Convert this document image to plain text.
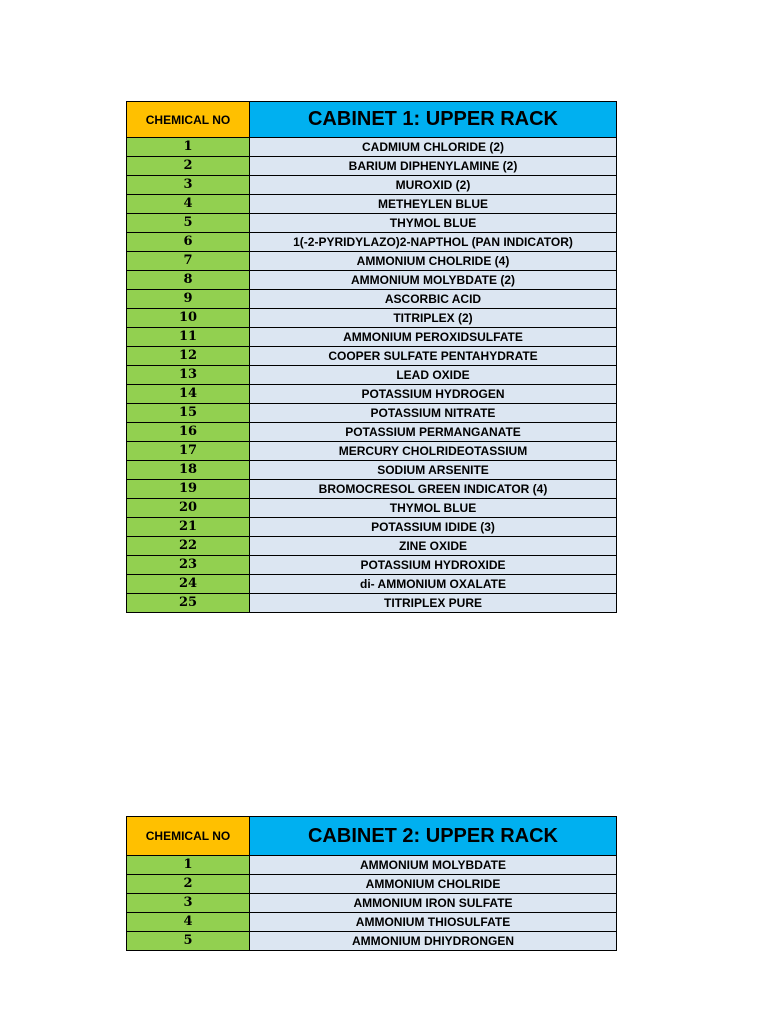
CHEMICAL NO	CABINET 1: UPPER RACK
1	CADMIUM CHLORIDE (2)
2	BARIUM DIPHENYLAMINE (2)
3	MUROXID (2)
4	METHEYLEN BLUE
5	THYMOL BLUE
6	1(-2-PYRIDYLAZO)2-NAPTHOL (PAN INDICATOR)
7	AMMONIUM CHOLRIDE (4)
8	AMMONIUM MOLYBDATE (2)
9	ASCORBIC ACID
10	TITRIPLEX (2)
11	AMMONIUM PEROXIDSULFATE
12	COOPER SULFATE PENTAHYDRATE
13	LEAD OXIDE
14	POTASSIUM HYDROGEN
15	POTASSIUM NITRATE
16	POTASSIUM PERMANGANATE
17	MERCURY CHOLRIDEOTASSIUM
18	SODIUM ARSENITE
19	BROMOCRESOL GREEN INDICATOR (4)
20	THYMOL BLUE
21	POTASSIUM IDIDE (3)
22	ZINE OXIDE
23	POTASSIUM HYDROXIDE
24	di- AMMONIUM OXALATE
25	TITRIPLEX PURE
CHEMICAL NO	CABINET 2: UPPER RACK
1	AMMONIUM MOLYBDATE
2	AMMONIUM CHOLRIDE
3	AMMONIUM IRON SULFATE
4	AMMONIUM THIOSULFATE
5	AMMONIUM DHIYDRONGEN
